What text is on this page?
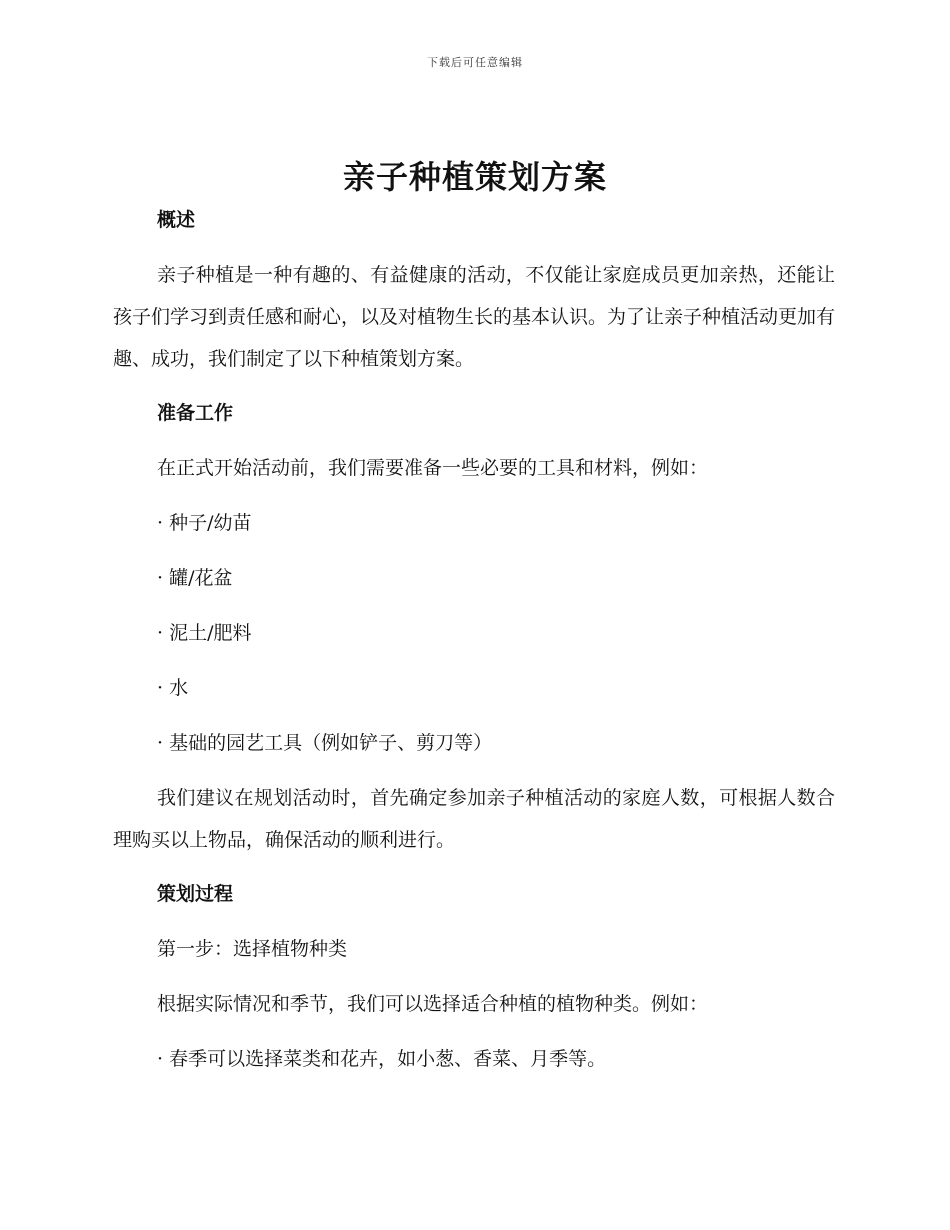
下载后可任意编辑
亲子种植策划方案
概述

亲子种植是一种有趣的、有益健康的活动，不仅能让家庭成员更加亲热，还能让孩子们学习到责任感和耐心，以及对植物生长的基本认识。为了让亲子种植活动更加有趣、成功，我们制定了以下种植策划方案。

准备工作
在正式开始活动前，我们需要准备一些必要的工具和材料，例如：
· 种子/幼苗
· 罐/花盆
· 泥土/肥料
· 水
· 基础的园艺工具（例如铲子、剪刀等）

我们建议在规划活动时，首先确定参加亲子种植活动的家庭人数，可根据人数合理购买以上物品，确保活动的顺利进行。

策划过程
第一步：选择植物种类
根据实际情况和季节，我们可以选择适合种植的植物种类。例如：
· 春季可以选择菜类和花卉，如小葱、香菜、月季等。
